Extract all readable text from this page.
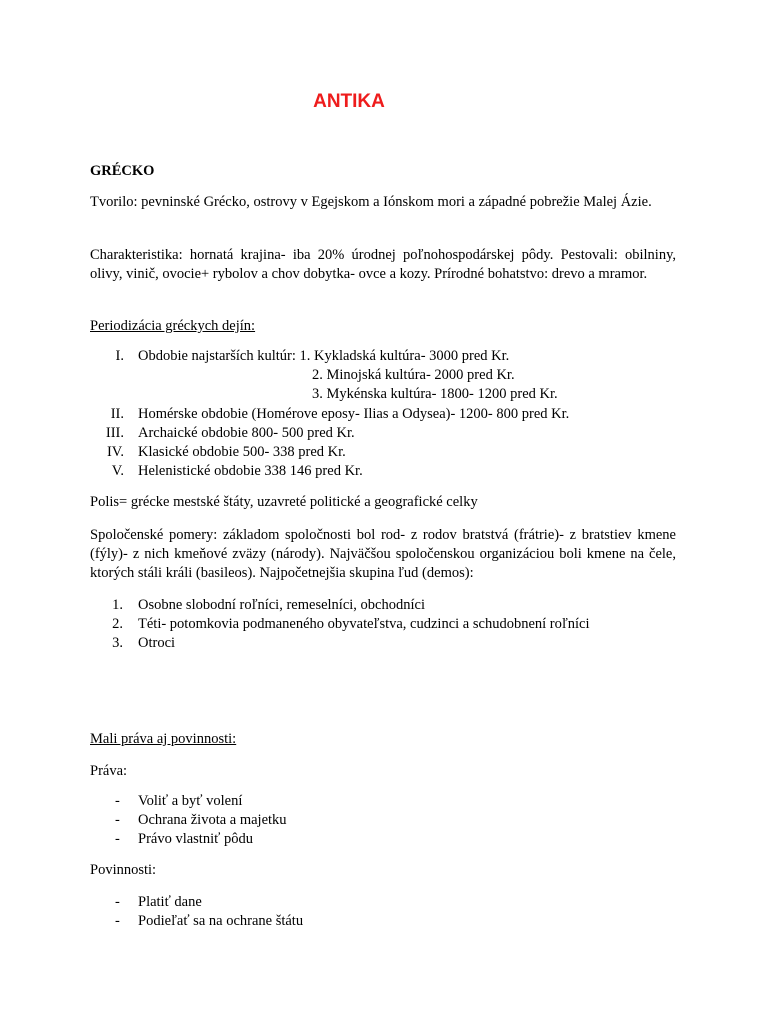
ANTIKA
GRÉCKO
Tvorilo: pevninské Grécko, ostrovy v Egejskom a Iónskom mori a západné pobrežie Malej Ázie.
Charakteristika: hornatá krajina- iba 20% úrodnej poľnohospodárskej pôdy. Pestovali: obilniny, olivy, vinič, ovocie+ rybolov a chov dobytka- ovce a kozy. Prírodné bohatstvo: drevo a mramor.
Periodizácia gréckych dejín:
I. Obdobie najstarších kultúr: 1. Kykladská kultúra- 3000 pred Kr.
2. Minojská kultúra- 2000 pred Kr.
3. Mykénska kultúra- 1800- 1200 pred Kr.
II. Homérske obdobie (Homérove eposy- Ilias a Odysea)- 1200- 800 pred Kr.
III. Archaické obdobie 800- 500 pred Kr.
IV. Klasické obdobie 500- 338 pred Kr.
V. Helenistické obdobie 338 146 pred Kr.
Polis= grécke mestské štáty, uzavreté politické a geografické celky
Spoločenské pomery: základom spoločnosti bol rod- z rodov bratstvá (frátrie)- z bratstiev kmene (fýly)- z nich kmeňové zväzy (národy). Najväčšou spoločenskou organizáciou boli kmene na čele, ktorých stáli králi (basileos). Najpočetnejšia skupina ľud (demos):
1. Osobne slobodní roľníci, remeselníci, obchodníci
2. Téti- potomkovia podmaneného obyvateľstva, cudzinci a schudobnení roľníci
3. Otroci
Mali práva aj povinnosti:
Práva:
- Voliť a byť volení
- Ochrana života a majetku
- Právo vlastniť pôdu
Povinnosti:
- Platiť dane
- Podieľať sa na ochrane štátu
